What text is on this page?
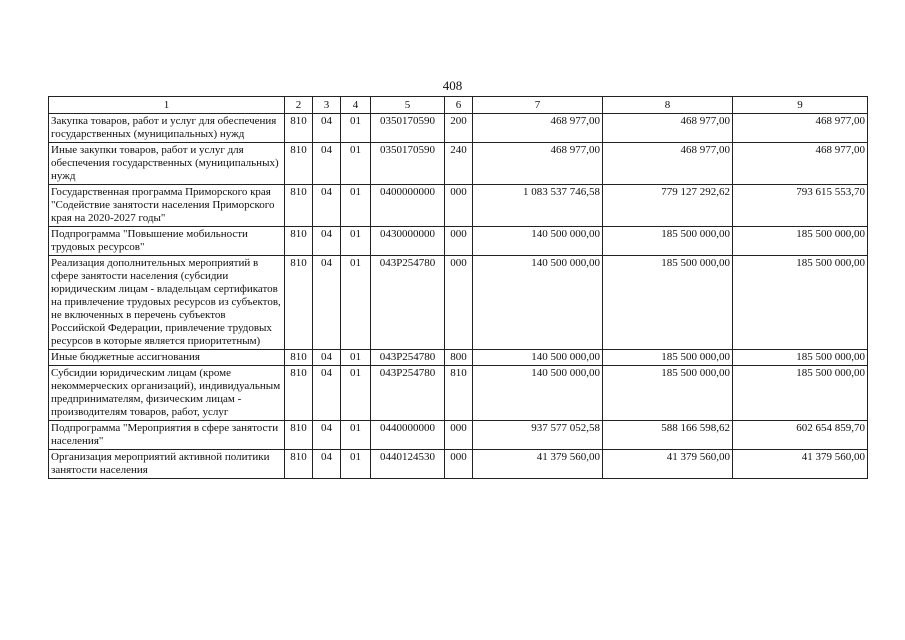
408
1	2	3	4	5	6	7	8	9
Закупка товаров, работ и услуг для обеспечения государственных (муниципальных) нужд	810	04	01	0350170590	200	468 977,00	468 977,00	468 977,00
Иные закупки товаров, работ и услуг для обеспечения государственных (муниципальных) нужд	810	04	01	0350170590	240	468 977,00	468 977,00	468 977,00
Государственная программа Приморского края "Содействие занятости населения Приморского края на 2020-2027 годы"	810	04	01	0400000000	000	1 083 537 746,58	779 127 292,62	793 615 553,70
Подпрограмма "Повышение мобильности трудовых ресурсов"	810	04	01	0430000000	000	140 500 000,00	185 500 000,00	185 500 000,00
Реализация дополнительных мероприятий в сфере занятости населения (субсидии юридическим лицам - владельцам сертификатов на привлечение трудовых ресурсов из субъектов, не включенных в перечень субъектов Российской Федерации, привлечение трудовых ресурсов в которые является приоритетным)	810	04	01	043P254780	000	140 500 000,00	185 500 000,00	185 500 000,00
Иные бюджетные ассигнования	810	04	01	043P254780	800	140 500 000,00	185 500 000,00	185 500 000,00
Субсидии юридическим лицам (кроме некоммерческих организаций), индивидуальным предпринимателям, физическим лицам - производителям товаров, работ, услуг	810	04	01	043P254780	810	140 500 000,00	185 500 000,00	185 500 000,00
Подпрограмма "Мероприятия в сфере занятости населения"	810	04	01	0440000000	000	937 577 052,58	588 166 598,62	602 654 859,70
Организация мероприятий активной политики занятости населения	810	04	01	0440124530	000	41 379 560,00	41 379 560,00	41 379 560,00
